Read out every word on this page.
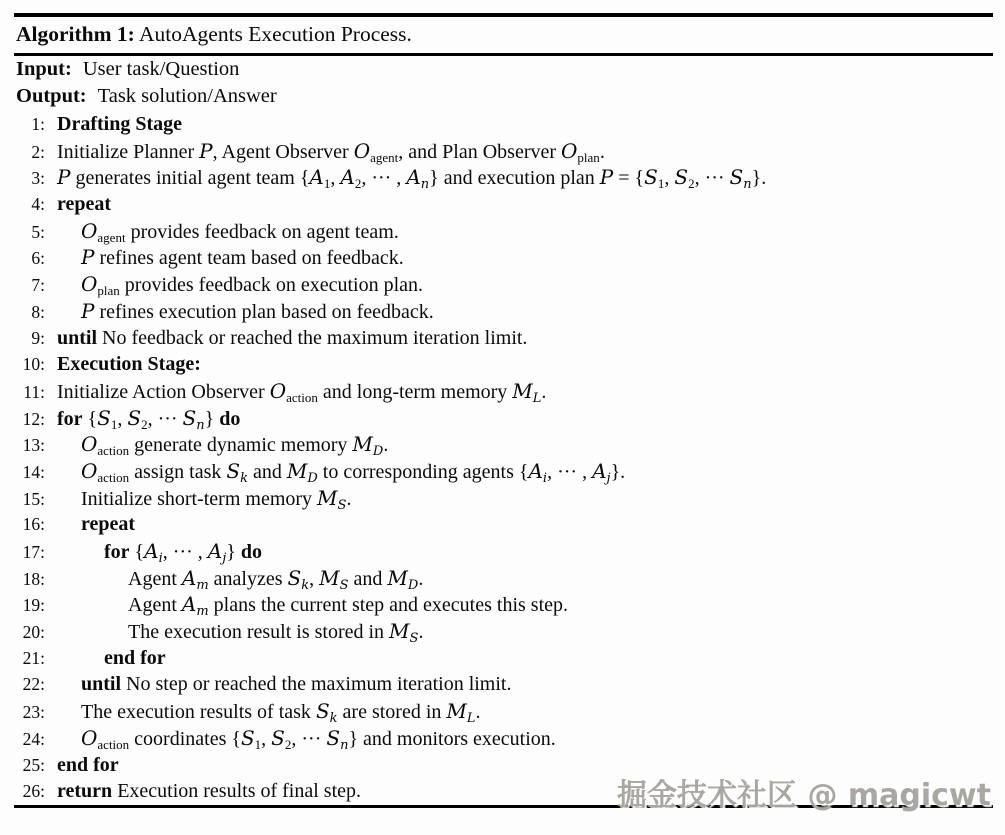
Algorithm 1: AutoAgents Execution Process.
Input: User task/Question
Output: Task solution/Answer
1: Drafting Stage
2: Initialize Planner P, Agent Observer $O_{agent}$, and Plan Observer $O_{plan}$.
3: P generates initial agent team {$A_1$, $A_2$, ··· , $A_n$} and execution plan $P = \{S_1$, $S_2$, ··· $S_n$}.
4: repeat
5: $O_{agent}$ provides feedback on agent team.
6: P refines agent team based on feedback.
7: $O_{plan}$ provides feedback on execution plan.
8: P refines execution plan based on feedback.
9: until No feedback or reached the maximum iteration limit.
10: Execution Stage:
11: Initialize Action Observer $O_{action}$ and long-term memory $M_L$.
12: for {$S_1$, $S_2$, ··· $S_n$} do
13: $O_{action}$ generate dynamic memory $M_D$.
14: $O_{action}$ assign task $S_k$ and $M_D$ to corresponding agents {$A_i$, ··· , $A_j$}.
15: Initialize short-term memory $M_S$.
16: repeat
17:	for {$A_i$, ··· , $A_j$} do
18:	Agent $A_m$ analyzes $S_k$, $M_S$ and $M_D$.
19:	Agent $A_m$ plans the current step and executes this step.
20:	The execution result is stored in $M_S$.
21:	end for
22: until No step or reached the maximum iteration limit.
23: The execution results of task $S_k$ are stored in $M_L$.
24: $O_{action}$ coordinates {$S_1$, $S_2$, ··· $S_n$} and monitors execution.
25: end for
26: return Execution results of final step.	掘金技术社区 @ magicwt
